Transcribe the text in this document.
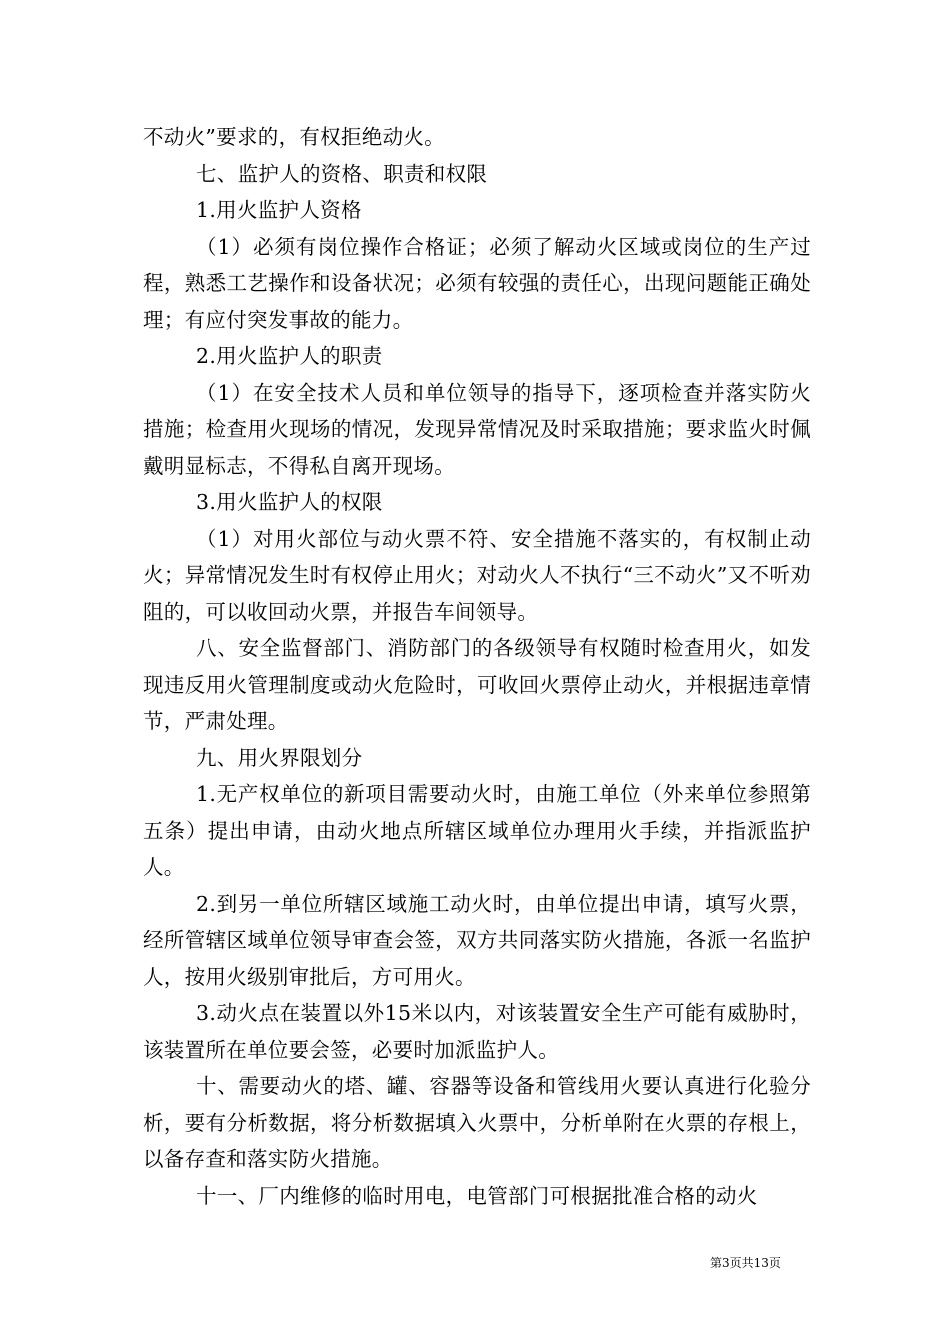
不动火”要求的，有权拒绝动火。

七、监护人的资格、职责和权限

1.用火监护人资格

（1）必须有岗位操作合格证；必须了解动火区域或岗位的生产过程，熟悉工艺操作和设备状况；必须有较强的责任心，出现问题能正确处理；有应付突发事故的能力。

2.用火监护人的职责

（1）在安全技术人员和单位领导的指导下，逐项检查并落实防火措施；检查用火现场的情况，发现异常情况及时采取措施；要求监火时佩戴明显标志，不得私自离开现场。

3.用火监护人的权限

（1）对用火部位与动火票不符、安全措施不落实的，有权制止动火；异常情况发生时有权停止用火；对动火人不执行“三不动火”又不听劝阻的，可以收回动火票，并报告车间领导。

八、安全监督部门、消防部门的各级领导有权随时检查用火，如发现违反用火管理制度或动火危险时，可收回火票停止动火，并根据违章情节，严肃处理。

九、用火界限划分

1.无产权单位的新项目需要动火时，由施工单位（外来单位参照第五条）提出申请，由动火地点所辖区域单位办理用火手续，并指派监护人。

2.到另一单位所辖区域施工动火时，由单位提出申请，填写火票，经所管辖区域单位领导审查会签，双方共同落实防火措施，各派一名监护人，按用火级别审批后，方可用火。

3.动火点在装置以外15米以内，对该装置安全生产可能有威胁时，该装置所在单位要会签，必要时加派监护人。

十、需要动火的塔、罐、容器等设备和管线用火要认真进行化验分析，要有分析数据，将分析数据填入火票中，分析单附在火票的存根上，以备存查和落实防火措施。

十一、厂内维修的临时用电，电管部门可根据批准合格的动火

第3页共13页
